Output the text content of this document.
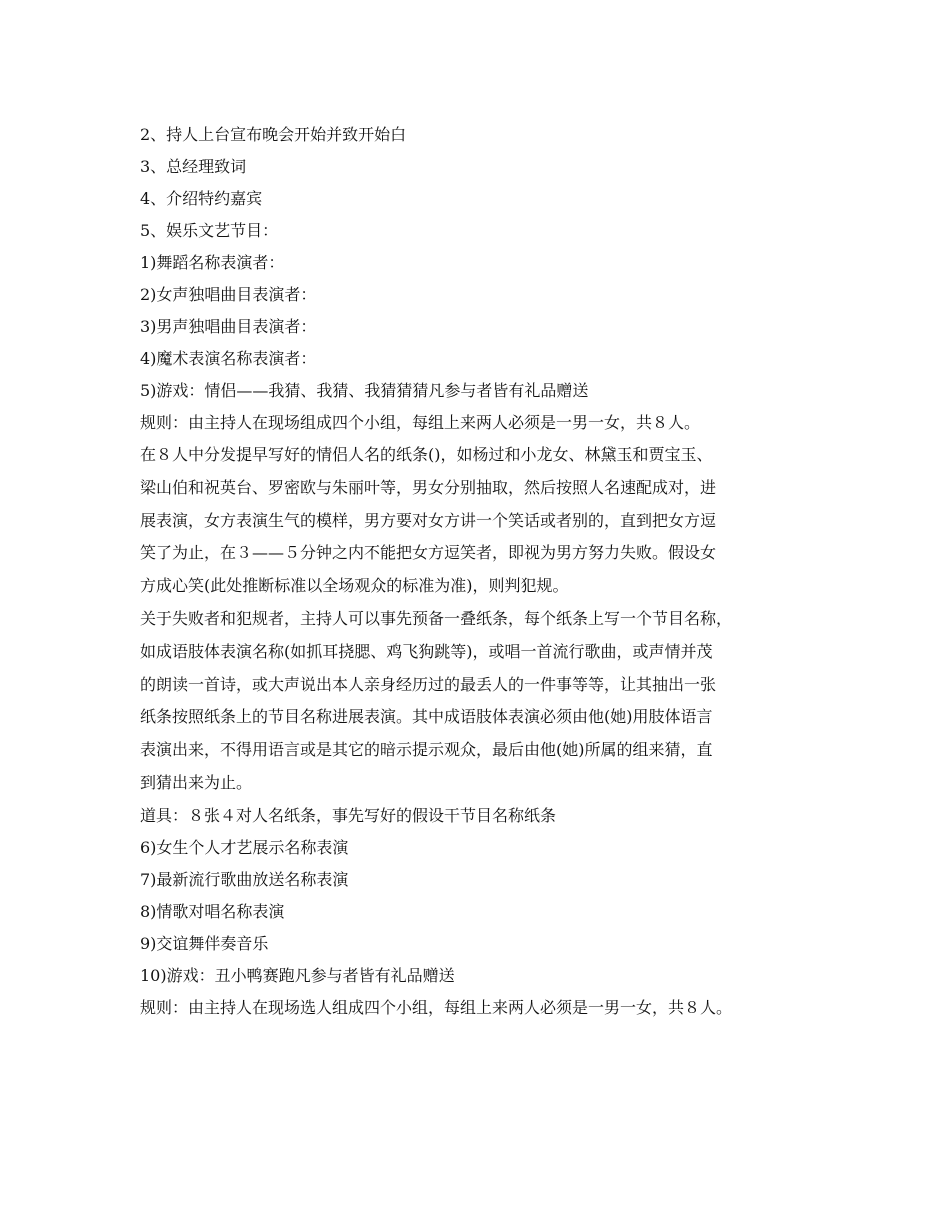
2、持人上台宣布晚会开始并致开始白
3、总经理致词
4、介绍特约嘉宾
5、娱乐文艺节目：
1)舞蹈名称表演者：
2)女声独唱曲目表演者：
3)男声独唱曲目表演者：
4)魔术表演名称表演者：
5)游戏：情侣——我猜、我猜、我猜猜猜凡参与者皆有礼品赠送
规则：由主持人在现场组成四个小组，每组上来两人必须是一男一女，共８人。
在８人中分发提早写好的情侣人名的纸条()，如杨过和小龙女、林黛玉和贾宝玉、
梁山伯和祝英台、罗密欧与朱丽叶等，男女分别抽取，然后按照人名速配成对，进
展表演，女方表演生气的模样，男方要对女方讲一个笑话或者别的，直到把女方逗
笑了为止，在３——５分钟之内不能把女方逗笑者，即视为男方努力失败。假设女
方成心笑(此处推断标准以全场观众的标准为准)，则判犯规。
关于失败者和犯规者，主持人可以事先预备一叠纸条，每个纸条上写一个节目名称，
如成语肢体表演名称(如抓耳挠腮、鸡飞狗跳等)，或唱一首流行歌曲，或声情并茂
的朗读一首诗，或大声说出本人亲身经历过的最丢人的一件事等等，让其抽出一张
纸条按照纸条上的节目名称进展表演。其中成语肢体表演必须由他(她)用肢体语言
表演出来，不得用语言或是其它的暗示提示观众，最后由他(她)所属的组来猜，直
到猜出来为止。
道具：８张４对人名纸条，事先写好的假设干节目名称纸条
6)女生个人才艺展示名称表演
7)最新流行歌曲放送名称表演
8)情歌对唱名称表演
9)交谊舞伴奏音乐
10)游戏：丑小鸭赛跑凡参与者皆有礼品赠送
规则：由主持人在现场选人组成四个小组，每组上来两人必须是一男一女，共８人。
